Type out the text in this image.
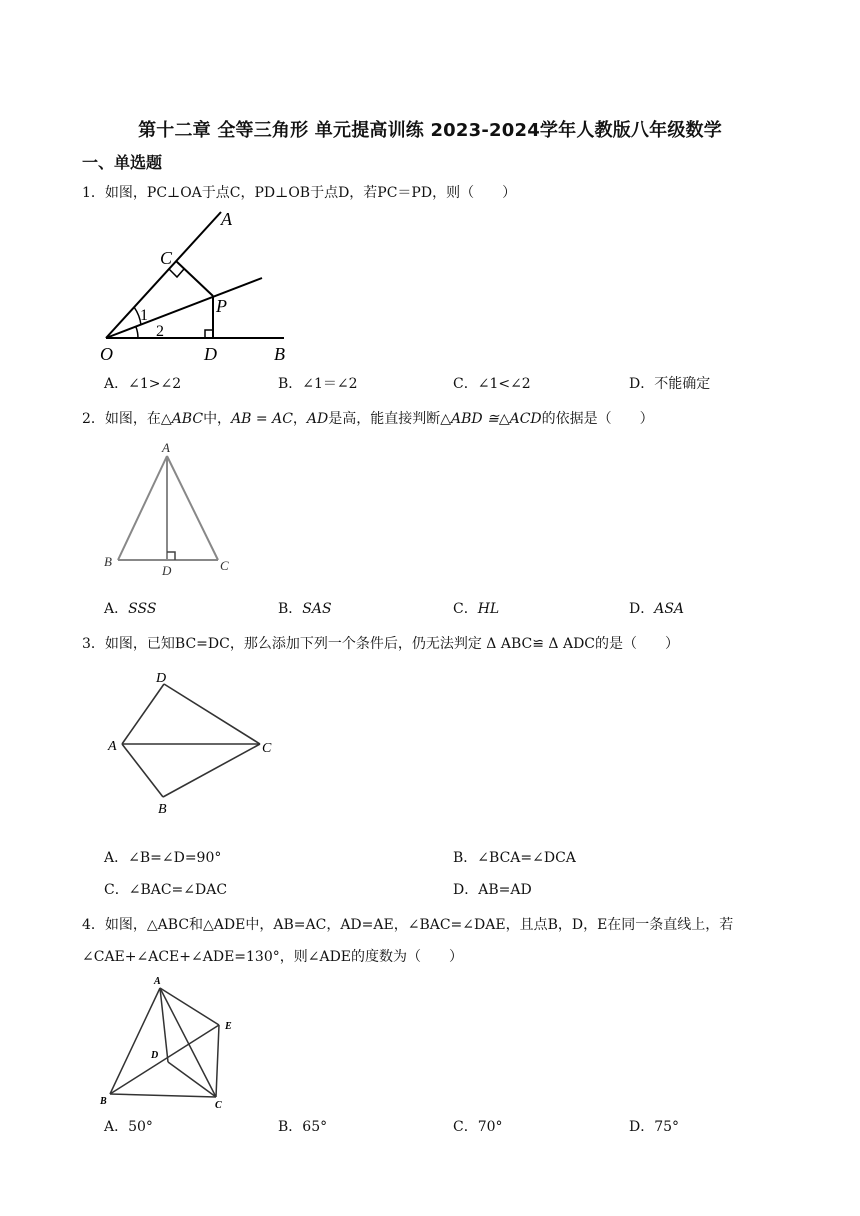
第十二章 全等三角形 单元提高训练 2023-2024学年人教版八年级数学
一、单选题
1．如图，PC⊥OA于点C，PD⊥OB于点D，若PC＝PD，则（　　）
A
C
P
O	D	B
1
2
A．∠1>∠2	B．∠1＝∠2	C．∠1<∠2	D．不能确定
2．如图，在△ABC中，AB = AC，AD是高，能直接判断△ABD ≅△ACD的依据是（　　）
A
B
D	C
A．SSS	B．SAS	C．HL	D．ASA
3．如图，已知BC=DC，那么添加下列一个条件后，仍无法判定 Δ ABC≌ Δ ADC的是（　　）
D
A	C
B
A．∠B=∠D=90°	B．∠BCA=∠DCA
C．∠BAC=∠DAC	D．AB=AD
4．如图，△ABC和△ADE中，AB=AC，AD=AE，∠BAC=∠DAE，且点B，D，E在同一条直线上，若
∠CAE+∠ACE+∠ADE=130°，则∠ADE的度数为（　　）
A
E
D
B	C
A．50°	B．65°	C．70°	D．75°
